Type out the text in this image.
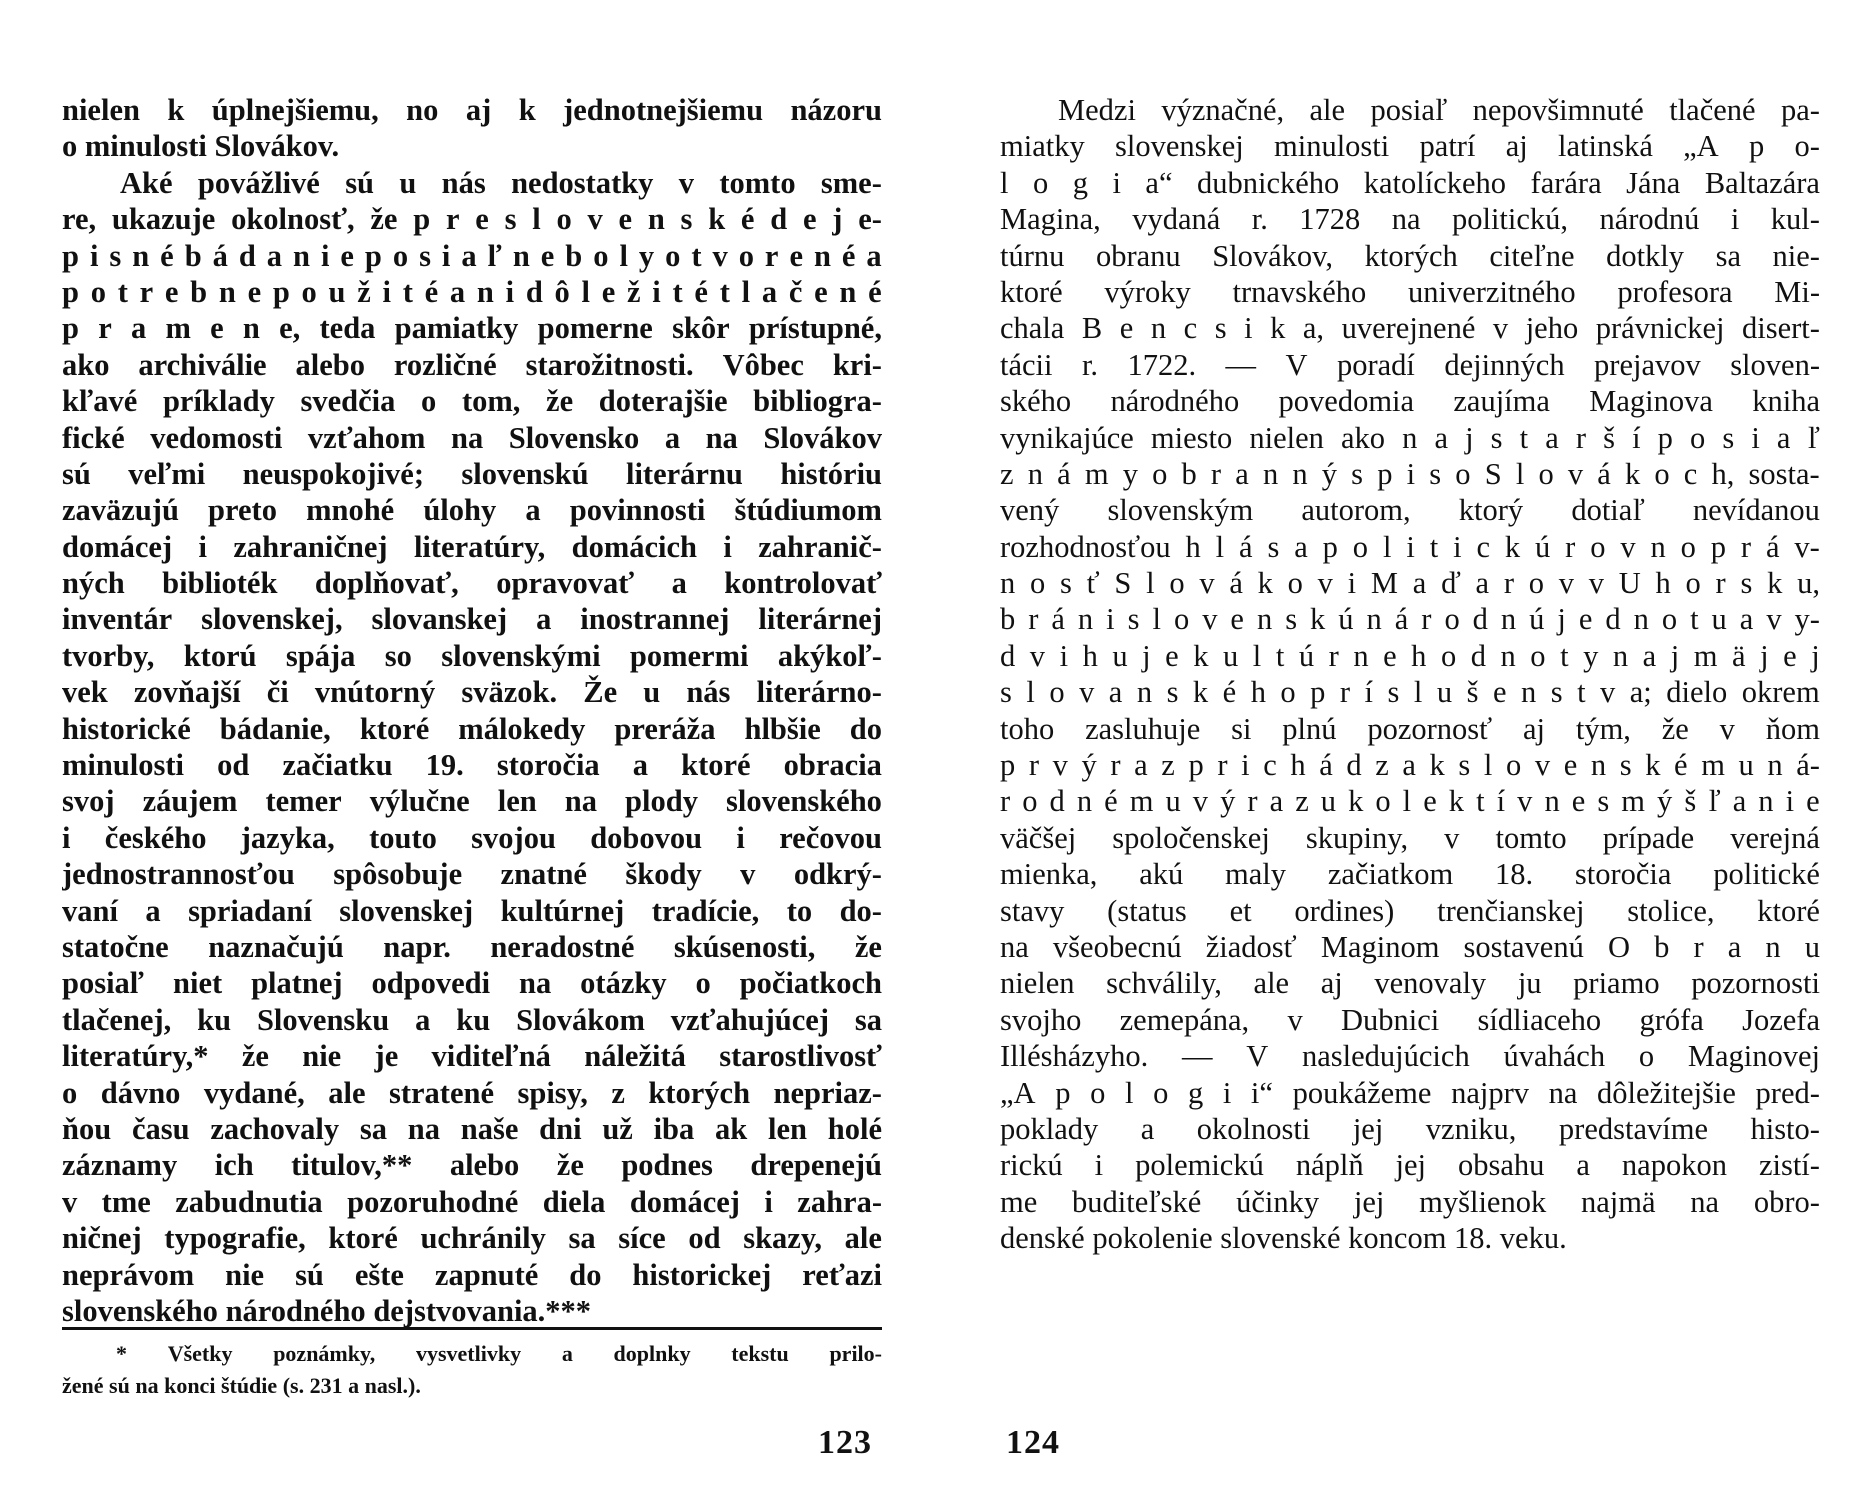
nielen k úplnejšiemu, no aj k jednotnejšiemu názoru
o
minulosti
Slovákov.
Aké povážlivé sú u nás nedostatky v tomto sme-
re, ukazuje okolnosť, že p r e s l o v e n s k é d e j e-
p i s n é b á d a n i e p o s i a ľ n e b o l y o t v o r e n é a
p o t r e b n e p o u ž i t é a n i d ô l e ž i t é t l a č e n é
p r a m e n e, teda pamiatky pomerne skôr prístupné,
ako archiválie alebo rozličné starožitnosti. Vôbec kri-
kľavé príklady svedčia o tom, že doterajšie bibliogra-
fické vedomosti vzťahom na Slovensko a na Slovákov
sú veľmi neuspokojivé; slovenskú literárnu históriu
zaväzujú preto mnohé úlohy a povinnosti štúdiumom
domácej i zahraničnej literatúry, domácich i zahranič-
ných biblioték doplňovať, opravovať a kontrolovať
inventár slovenskej, slovanskej a inostrannej literárnej
tvorby, ktorú spája so slovenskými pomermi akýkoľ-
vek zovňajší či vnútorný sväzok. Že u nás literárno-
historické bádanie, ktoré málokedy preráža hlbšie do
minulosti od začiatku 19. storočia a ktoré obracia
svoj záujem temer výlučne len na plody slovenského
i českého jazyka, touto svojou dobovou i rečovou
jednostrannosťou spôsobuje znatné škody v odkrý-
vaní a spriadaní slovenskej kultúrnej tradície, to do-
statočne naznačujú napr. neradostné skúsenosti, že
posiaľ niet platnej odpovedi na otázky o počiatkoch
tlačenej, ku Slovensku a ku Slovákom vzťahujúcej sa
literatúry,* že nie je viditeľná náležitá starostlivosť
o dávno vydané, ale stratené spisy, z ktorých nepriaz-
ňou času zachovaly sa na naše dni už iba ak len holé
záznamy ich titulov,** alebo že podnes drepenejú
v tme zabudnutia pozoruhodné diela domácej i zahra-
ničnej typografie, ktoré uchránily sa síce od skazy, ale
neprávom nie sú ešte zapnuté do historickej reťazi
slovenského
národného
dejstvovania.***
* Všetky poznámky, vysvetlivky a doplnky tekstu prilo-
žené
sú
na
konci
štúdie
(s.
231
a
nasl.).
123
Medzi význačné, ale posiaľ nepovšimnuté tlačené pa-
miatky slovenskej minulosti patrí aj latinská „A p o-
l o g i a“ dubnického katolíckeho farára Jána Baltazára
Magina, vydaná r. 1728 na politickú, národnú i kul-
túrnu obranu Slovákov, ktorých citeľne dotkly sa nie-
ktoré výroky trnavského univerzitného profesora Mi-
chala B e n c s i k a, uverejnené v jeho právnickej disert-
tácii r. 1722. — V poradí dejinných prejavov sloven-
ského národného povedomia zaujíma Maginova kniha
vynikajúce miesto nielen ako n a j s t a r š í p o s i a ľ
z n á m y o b r a n n ý s p i s o S l o v á k o c h, sosta-
vený slovenským autorom, ktorý dotiaľ nevídanou
rozhodnosťou h l á s a p o l i t i c k ú r o v n o p r á v-
n o s ť S l o v á k o v i M a ď a r o v v U h o r s k u,
b r á n i s l o v e n s k ú n á r o d n ú j e d n o t u a v y-
d v i h u j e k u l t ú r n e h o d n o t y n a j m ä j e j
s l o v a n s k é h o p r í s l u š e n s t v a; dielo okrem
toho zasluhuje si plnú pozornosť aj tým, že v ňom
p r v ý r a z p r i c h á d z a k s l o v e n s k é m u n á-
r o d n é m u v ý r a z u k o l e k t í v n e s m ý š ľ a n i e
väčšej spoločenskej skupiny, v tomto prípade verejná
mienka, akú maly začiatkom 18. storočia politické
stavy (status et ordines) trenčianskej stolice, ktoré
na všeobecnú žiadosť Maginom sostavenú O b r a n u
nielen schválily, ale aj venovaly ju priamo pozornosti
svojho zemepána, v Dubnici sídliaceho grófa Jozefa
Illésházyho. — V nasledujúcich úvahách o Maginovej
„A p o l o g i i“ poukážeme najprv na dôležitejšie pred-
poklady a okolnosti jej vzniku, predstavíme histo-
rickú i polemickú náplň jej obsahu a napokon zistí-
me buditeľské účinky jej myšlienok najmä na obro-
denské
pokolenie
slovenské
koncom
18.
veku.
124
